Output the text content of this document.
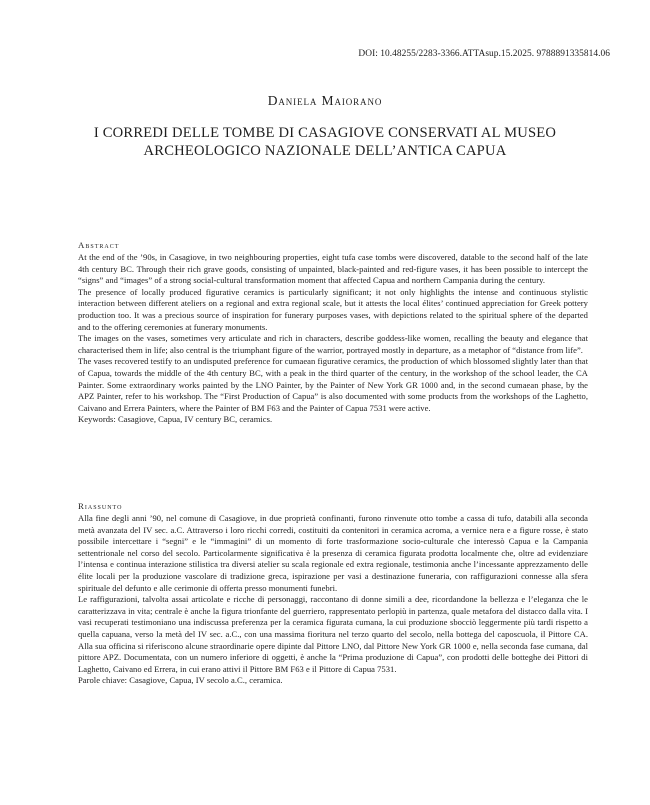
DOI: 10.48255/2283-3366.ATTAsup.15.2025. 9788891335814.06
Daniela Maiorano
I CORREDI DELLE TOMBE DI CASAGIOVE CONSERVATI AL MUSEO
ARCHEOLOGICO NAZIONALE DELL’ANTICA CAPUA
Abstract

At the end of the ’90s, in Casagiove, in two neighbouring properties, eight tufa case tombs were discovered, datable to the second half of the late 4th century BC. Through their rich grave goods, consisting of unpainted, black-painted and red-figure vases, it has been possible to intercept the “signs” and “images” of a strong social-cultural transformation moment that affected Capua and northern Campania during the century.

The presence of locally produced figurative ceramics is particularly significant; it not only highlights the intense and continuous stylistic interaction between different ateliers on a regional and extra regional scale, but it attests the local élites’ continued appreciation for Greek pottery production too. It was a precious source of inspiration for funerary purposes vases, with depictions related to the spiritual sphere of the departed and to the offering ceremonies at funerary monuments.

The images on the vases, sometimes very articulate and rich in characters, describe goddess-like women, recalling the beauty and elegance that characterised them in life; also central is the triumphant figure of the warrior, portrayed mostly in departure, as a metaphor of “distance from life”.

The vases recovered testify to an undisputed preference for cumaean figurative ceramics, the production of which blossomed slightly later than that of Capua, towards the middle of the 4th century BC, with a peak in the third quarter of the century, in the workshop of the school leader, the CA Painter. Some extraordinary works painted by the LNO Painter, by the Painter of New York GR 1000 and, in the second cumaean phase, by the APZ Painter, refer to his workshop. The “First Production of Capua” is also documented with some products from the workshops of the Laghetto, Caivano and Errera Painters, where the Painter of BM F63 and the Painter of Capua 7531 were active.

Keywords: Casagiove, Capua, IV century BC, ceramics.

Riassunto

Alla fine degli anni ’90, nel comune di Casagiove, in due proprietà confinanti, furono rinvenute otto tombe a cassa di tufo, databili alla seconda metà avanzata del IV sec. a.C. Attraverso i loro ricchi corredi, costituiti da contenitori in ceramica acroma, a vernice nera e a figure rosse, è stato possibile intercettare i “segni” e le “immagini” di un momento di forte trasformazione socio-culturale che interessò Capua e la Campania settentrionale nel corso del secolo. Particolarmente significativa è la presenza di ceramica figurata prodotta localmente che, oltre ad evidenziare l’intensa e continua interazione stilistica tra diversi atelier su scala regionale ed extra regionale, testimonia anche l’incessante apprezzamento delle élite locali per la produzione vascolare di tradizione greca, ispirazione per vasi a destinazione funeraria, con raffigurazioni connesse alla sfera spirituale del defunto e alle cerimonie di offerta presso monumenti funebri.

Le raffigurazioni, talvolta assai articolate e ricche di personaggi, raccontano di donne simili a dee, ricordandone la bellezza e l’eleganza che le caratterizzava in vita; centrale è anche la figura trionfante del guerriero, rappresentato perlopiù in partenza, quale metafora del distacco dalla vita. I vasi recuperati testimoniano una indiscussa preferenza per la ceramica figurata cumana, la cui produzione sbocciò leggermente più tardi rispetto a quella capuana, verso la metà del IV sec. a.C., con una massima fioritura nel terzo quarto del secolo, nella bottega del caposcuola, il Pittore CA. Alla sua officina si riferiscono alcune straordinarie opere dipinte dal Pittore LNO, dal Pittore New York GR 1000 e, nella seconda fase cumana, dal pittore APZ. Documentata, con un numero inferiore di oggetti, è anche la “Prima produzione di Capua”, con prodotti delle botteghe dei Pittori di Laghetto, Caivano ed Errera, in cui erano attivi il Pittore BM F63 e il Pittore di Capua 7531.

Parole chiave: Casagiove, Capua, IV secolo a.C., ceramica.
